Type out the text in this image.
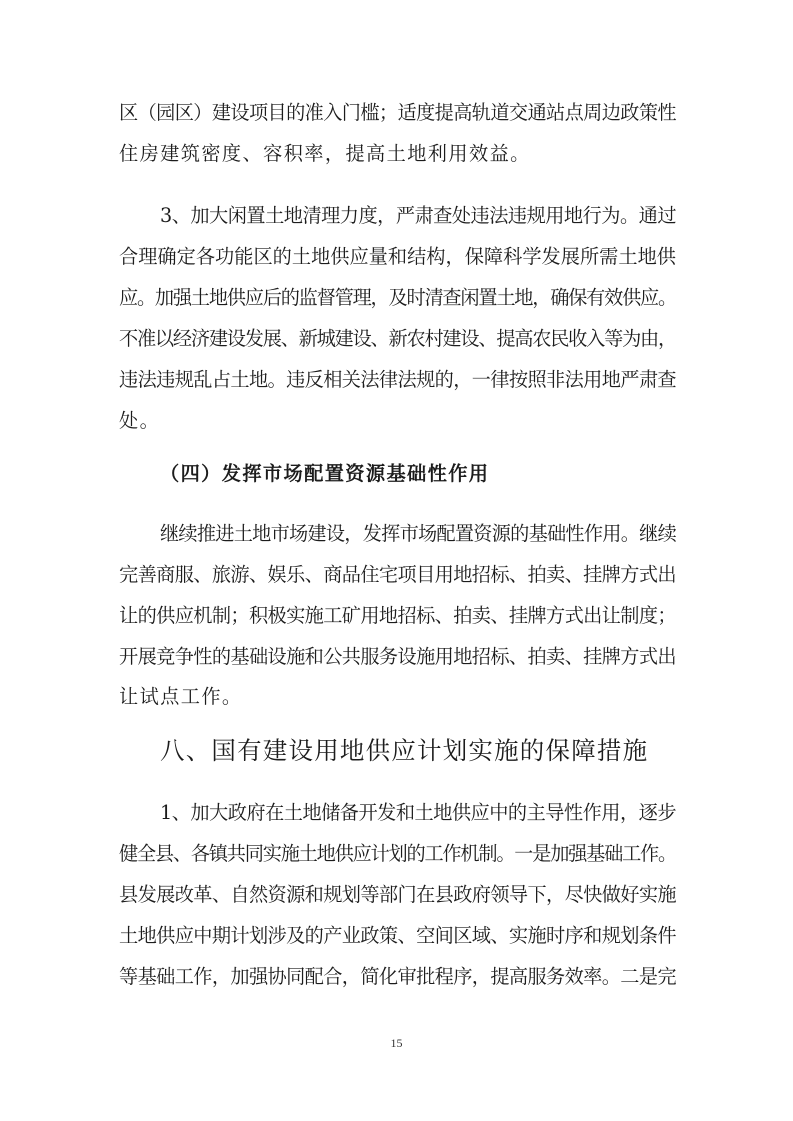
区（园区）建设项目的准入门槛；适度提高轨道交通站点周边政策性
住房建筑密度、容积率，提高土地利用效益。
3、加大闲置土地清理力度，严肃查处违法违规用地行为。通过
合理确定各功能区的土地供应量和结构，保障科学发展所需土地供
应。加强土地供应后的监督管理，及时清查闲置土地，确保有效供应。
不准以经济建设发展、新城建设、新农村建设、提高农民收入等为由，
违法违规乱占土地。违反相关法律法规的，一律按照非法用地严肃查
处。
（四）发挥市场配置资源基础性作用
继续推进土地市场建设，发挥市场配置资源的基础性作用。继续
完善商服、旅游、娱乐、商品住宅项目用地招标、拍卖、挂牌方式出
让的供应机制；积极实施工矿用地招标、拍卖、挂牌方式出让制度；
开展竞争性的基础设施和公共服务设施用地招标、拍卖、挂牌方式出
让试点工作。
八、国有建设用地供应计划实施的保障措施
1、加大政府在土地储备开发和土地供应中的主导性作用，逐步
健全县、各镇共同实施土地供应计划的工作机制。一是加强基础工作。
县发展改革、自然资源和规划等部门在县政府领导下，尽快做好实施
土地供应中期计划涉及的产业政策、空间区域、实施时序和规划条件
等基础工作，加强协同配合，简化审批程序，提高服务效率。二是完
15
